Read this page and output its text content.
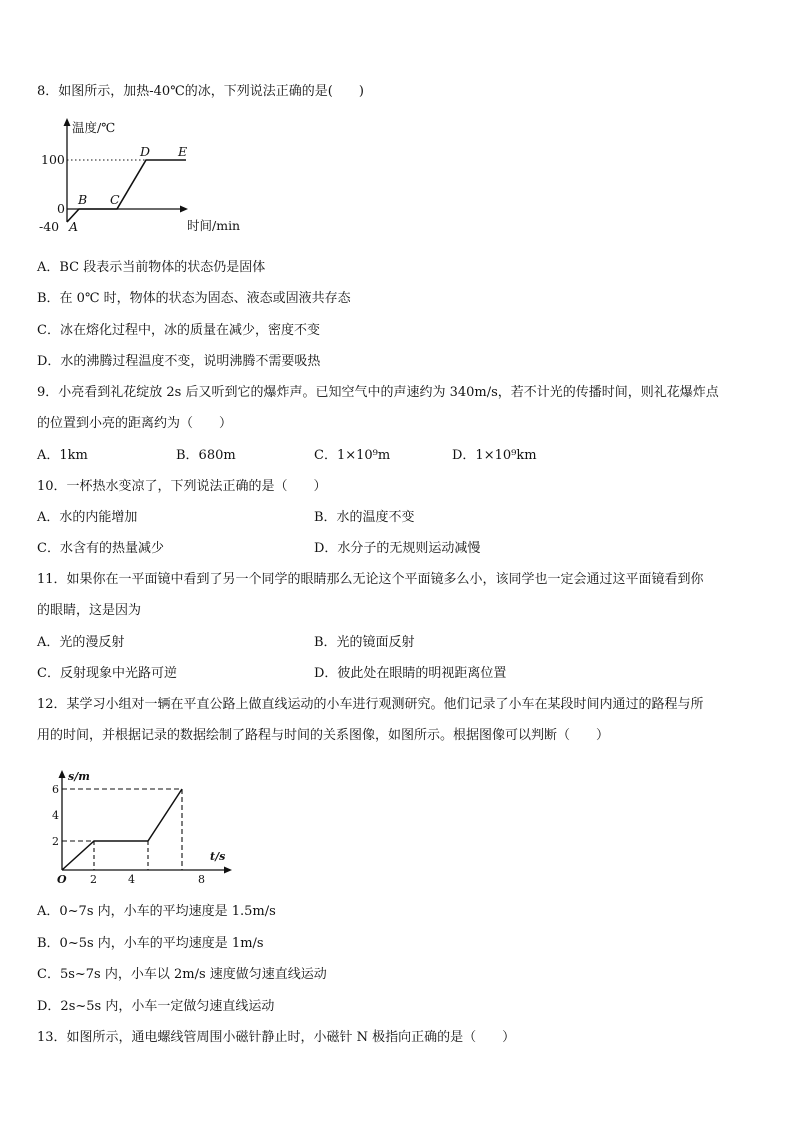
8．如图所示，加热-40℃的冰，下列说法正确的是(　　)
温度/℃
时间/min
100
0
-40 A
B C
D E
A．BC 段表示当前物体的状态仍是固体
B．在 0℃ 时，物体的状态为固态、液态或固液共存态
C．冰在熔化过程中，冰的质量在减少，密度不变
D．水的沸腾过程温度不变，说明沸腾不需要吸热
9．小亮看到礼花绽放 2s 后又听到它的爆炸声。已知空气中的声速约为 340m/s，若不计光的传播时间，则礼花爆炸点
的位置到小亮的距离约为（　　）
A．1km	B．680m	C．1×10⁹m	D．1×10⁹km
10．一杯热水变凉了，下列说法正确的是（　　）
A．水的内能增加	B．水的温度不变
C．水含有的热量减少	D．水分子的无规则运动减慢
11．如果你在一平面镜中看到了另一个同学的眼睛那么无论这个平面镜多么小，该同学也一定会通过这平面镜看到你
的眼睛，这是因为
A．光的漫反射	B．光的镜面反射
C．反射现象中光路可逆	D．彼此处在眼睛的明视距离位置
12．某学习小组对一辆在平直公路上做直线运动的小车进行观测研究。他们记录了小车在某段时间内通过的路程与所
用的时间，并根据记录的数据绘制了路程与时间的关系图像，如图所示。根据图像可以判断（　　）
s/m
t/s
6
4
2
O 2	4	8
A．0~7s 内，小车的平均速度是 1.5m/s
B．0~5s 内，小车的平均速度是 1m/s
C．5s~7s 内，小车以 2m/s 速度做匀速直线运动
D．2s~5s 内，小车一定做匀速直线运动
13．如图所示，通电螺线管周围小磁针静止时，小磁针 N 极指向正确的是（　　）
